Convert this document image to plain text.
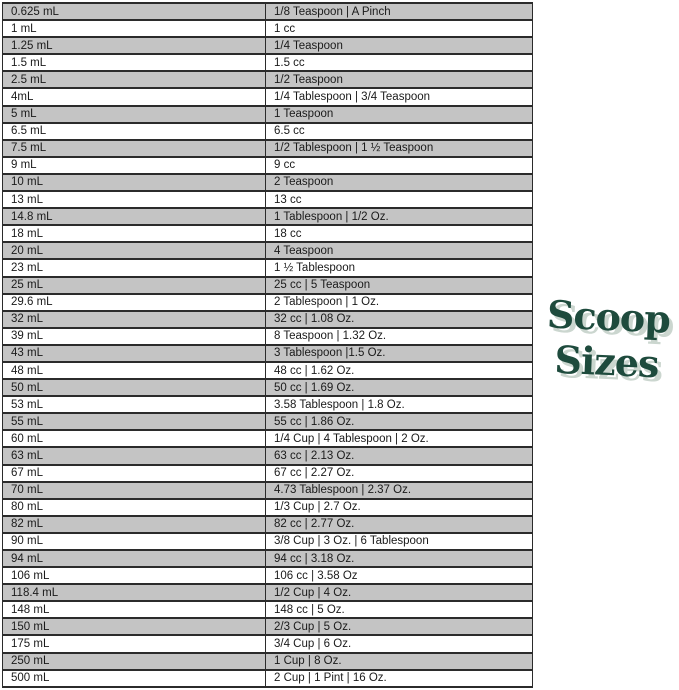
0.625 mL	1/8 Teaspoon | A Pinch
1 mL	1 cc
1.25 mL	1/4 Teaspoon
1.5 mL	1.5 cc
2.5 mL	1/2 Teaspoon
4mL	1/4 Tablespoon | 3/4 Teaspoon
5 mL	1 Teaspoon
6.5 mL	6.5 cc
7.5 mL	1/2 Tablespoon | 1 ½ Teaspoon
9 mL	9 cc
10 mL	2 Teaspoon
13 mL	13 cc
14.8 mL	1 Tablespoon | 1/2 Oz.
18 mL	18 cc
20 mL	4 Teaspoon
23 mL	1 ½ Tablespoon
25 mL	25 cc | 5 Teaspoon
29.6 mL	2 Tablespoon | 1 Oz.
32 mL	32 cc | 1.08 Oz.
39 mL	8 Teaspoon | 1.32 Oz.
43 mL	3 Tablespoon |1.5 Oz.
48 mL	48 cc | 1.62 Oz.
50 mL	50 cc | 1.69 Oz.
53 mL	3.58 Tablespoon | 1.8 Oz.
55 mL	55 cc | 1.86 Oz.
60 mL	1/4 Cup | 4 Tablespoon | 2 Oz.
63 mL	63 cc | 2.13 Oz.
67 mL	67 cc | 2.27 Oz.
70 mL	4.73 Tablespoon | 2.37 Oz.
80 mL	1/3 Cup | 2.7 Oz.
82 mL	82 cc | 2.77 Oz.
90 mL	3/8 Cup | 3 Oz. | 6 Tablespoon
94 mL	94 cc | 3.18 Oz.
106 mL	106 cc | 3.58 Oz
118.4 mL	1/2 Cup | 4 Oz.
148 mL	148 cc | 5 Oz.
150 mL	2/3 Cup | 5 Oz.
175 mL	3/4 Cup | 6 Oz.
250 mL	1 Cup | 8 Oz.
500 mL	2 Cup | 1 Pint | 16 Oz.
Scoop
Sizes
